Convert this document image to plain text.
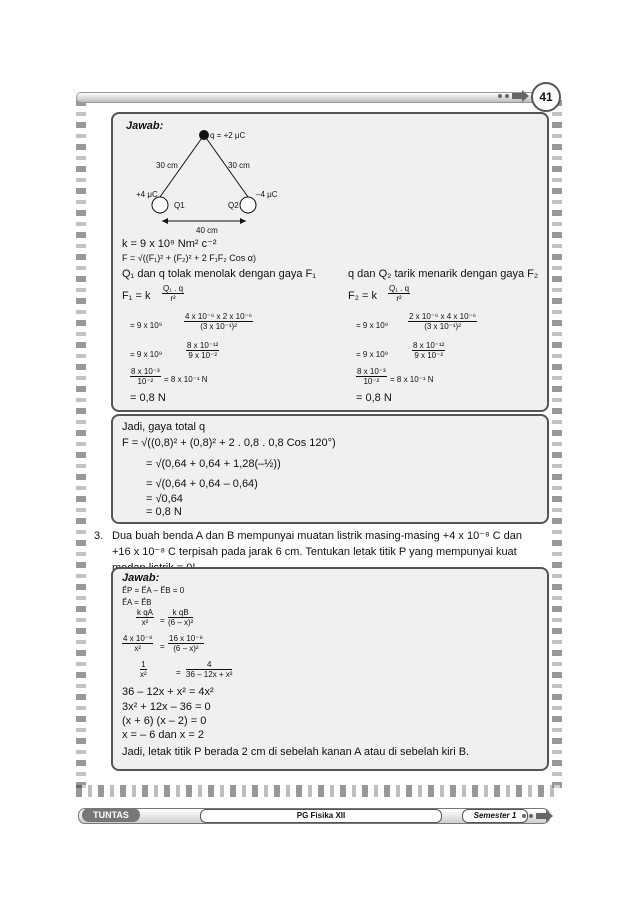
41
Jawab:
q = +2 μC
30 cm	30 cm
+4 μC	–4 μC
Q1	Q2
40 cm
k = 9 x 10⁹ Nm² c⁻²
F = √((F₁)² + (F₂)² + 2 F₁F₂ Cos α)
Q₁ dan q tolak menolak dengan gaya F₁	q dan Q₂ tarik menarik dengan gaya F₂
F₁ = k $\frac{\text{Q₁ . q}}{\text{r²}}$
= 9 x 10⁹	$\frac{\text{4 x 10⁻⁶ x 2 x 10⁻⁶}}{\text{(3 x 10⁻¹)²}}$
= 9 x 10⁹	$\frac{\text{8 x 10⁻¹²}}{\text{9 x 10⁻²}}$
$\frac{\text{8 x 10⁻³}}{\text{10⁻²}} = 8$ x 10⁻¹ N
= 0,8 N
F₂ = k $\frac{\text{Q₁ . q}}{\text{r²}}$
= 9 x $10^9 \frac{\text{2 x 10⁻⁶ x 4 x 10⁻⁶}}{\text{(3 x 10⁻¹)²}}$
= 9 x 10⁹	$\frac{\text{8 x 10⁻¹²}}{\text{9 x 10⁻²}}$
$\frac{\text{8 x 10⁻³}}{\text{10⁻²}} = 8$ x 10⁻¹ N
= 0,8 N
Jadi, gaya total q
F = √((0,8)² + (0,8)² + 2 . 0,8 . 0,8 Cos 120°)
= √(0,64 + 0,64 + 1,28(–½))
= √(0,64 + 0,64 – 0,64)
= √0,64
= 0,8 N
3. Dua buah benda A dan B mempunyai muatan listrik masing-masing +4 x 10⁻⁸ C dan
+16 x 10⁻⁸ C terpisah pada jarak 6 cm. Tentukan letak titik P yang mempunyai kuat
Jawab:
E⃗P = E⃗A – E⃗B = 0
E⃗A = E⃗B
$\frac{\text{k qA}}{\text{x²}} = \frac{\text{k qB}}{\text{(6 – x)²}}$
$\frac{\text{4 x 10⁻⁸}}{\text{x²}} = \frac{\text{16 x 10⁻⁸}}{\text{(6 – x)²}}$
$\frac{1}{\text{x²}}$	= $\frac{4}{\text{36 – 12x + x²}}$
36 – 12x + x² = 4x²
3x² + 12x – 36 = 0
(x + 6) (x – 2) = 0
x = – 6 dan x = 2
Jadi, letak titik P berada 2 cm di sebelah kanan A atau di sebelah kiri B.
TUNTAS	PG Fisika XII	Semester 1
